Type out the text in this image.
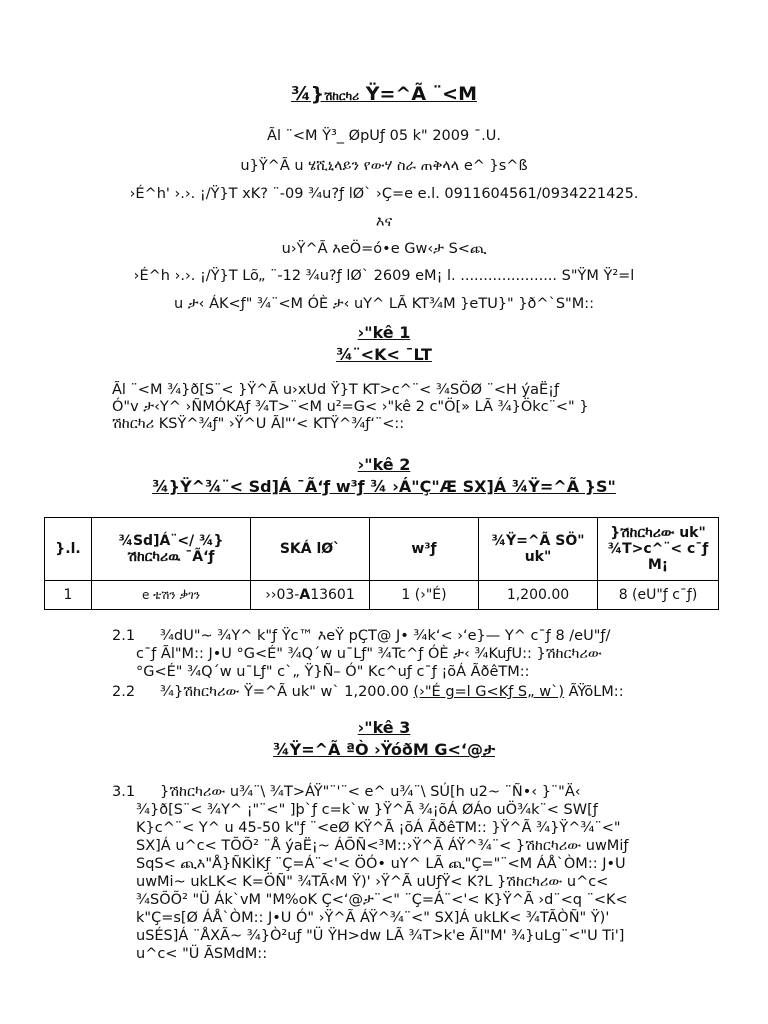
¾}ሽከርካሪ Ÿ=^Ã ¨<M
Ãl ¨<M Ÿ³_ ØpUƒ 05 k" 2009 ¯.U.
u}Ÿ^Ã u ሄሺኒላይን የውሃ ስራ ጠቅላላ e^ }s^ß
›É^h' ›.›. ¡/Ÿ}T xK? ¨-09 ¾u?ƒ lØ` ›Ç=e e.l. 0911604561/0934221425.
እና
u›Ÿ^Ã እeÖ=ó•e Gw‹ታ S<ጪ
›É^h ›.›. ¡/Ÿ}T Lõ„ ¨-12 ¾u?ƒ lØ` 2609 eM¡ l. ..................... S"ŸM Ÿ²=l
u ታ‹ ÁK<ƒ" ¾¨<M ÓÈ ታ‹ uY^ LÃ KT¾M }eTU}" }ð^`S"M::
›"kê 1
¾¨<K< ¯LT
Ãl ¨<M ¾}ð[S¨< }Ÿ^Ã u›xUd Ÿ}T KT>c^¨< ¾SÖØ ¨<H ýaË¡ƒ
Ó"v ታ‹Y^ ›ÑMÓKAƒ ¾T>¨<M u²=G< ›"kê 2 c"Ö[» LÃ ¾}Ökc¨<" }
ሽከርካሪ KSŸ^¾ƒ" ›Ÿ^U Ãl"‘< KTŸ^¾ƒ‘¨<::
›"kê 2
¾}Ÿ^¾¨< Sd]Á ¯Ã‘ƒ w³ƒ ¾ ›Á"Ç"Æ SX]Á ¾Ÿ=^Ã }S"
}.l.	¾Sd]Á¨</ ¾} ሽከርካሪዉ ¯Ã‘ƒ	SKÁ lØ`	w³ƒ	¾Ÿ=^Ã SÖ" uk"	}ሽከርካሪው uk" ¾T>c^¨< c¯ƒ M¡
1	e ቴሽን ቃገን	››03-A13601	1 (›"É)	1,200.00	8 (eU"ƒ c¯ƒ)
2.1 ¾dU"~ ¾Y^ k"ƒ Ÿc™ እeŸ pÇT@ J• ¾k‘< ›‘e}— Y^ c¯ƒ 8 /eU"ƒ/
c¯ƒ Ãl"M:: J•U °G<É" ¾Q´w u¯Lƒ" ¾Tc^ƒ ÓÈ ታ‹ ¾KuƒU:: }ሽከርካሪው
°G<É" ¾Q´w u¯Lƒ" c`„ Ÿ}Ñ– Ó" Kc^uƒ c¯ƒ ¡õÁ ÃðêTM::
2.2 ¾}ሽከርካሪው Ÿ=^Ã uk" w` 1,200.00 (›"É g=l G<Kƒ S„ w`) ÃŸõLM::
›"kê 3
¾Ÿ=^Ã ªÒ ›ŸóðM G<‘@ታ
3.1 }ሽከርካሪው u¾¨\ ¾T>ÁŸ"¨'¨< e^ u¾¨\ SÚ[h u2~ ¨Ñ•‹ }¨"Ä‹
¾}ð[S¨< ¾Y^ ¡"¨<" ]þ`ƒ c=k`w }Ÿ^Ã ¾¡õÁ ØÁo uÖ¾k¨< SW[ƒ
K}c^¨< Y^ u 45-50 k"ƒ ¨<eØ KŸ^Ã ¡õÁ ÃðêTM:: }Ÿ^Ã ¾}Ÿ^¾¨<"
SX]Á u^c< TÕÕ² ¨Å ýaË¡~ ÁÕÑ<³M::›Ÿ^Ã ÁŸ^¾¨< }ሽከርካሪው uwMiƒ
SqS< ጪእ"Å}ÑKÌKƒ ¨Ç=Á¨<'< ÖÓ• uY^ LÃ ጪ"Ç="¨<M ÁÅ`ÒM:: J•U
uwMi~ ukLK< K=ÖÑ" ¾TÃ‹M Ÿ)' ›Ÿ^Ã uUƒŸ< K?L }ሽከርካሪው u^c<
¾SÕÕ² "Ü Ák`vM "M%oK Ç<‘@ታ¨<" ¨Ç=Á¨<'< K}Ÿ^Ã ›d¨<q ¨<K<
k"Ç=s[Ø ÁÅ`ÒM:: J•U Ó" ›Ÿ^Ã ÁŸ^¾¨<" SX]Á ukLK< ¾TÃÒÑ" Ÿ)'
uSÉS]Á ¨ÅXÃ~ ¾}Ò²uƒ "Ü ŸH>dw LÃ ¾T>k'e Ãl"M' ¾}uLg¨<"U Ti']
u^c< "Ü ÃSMdM::
